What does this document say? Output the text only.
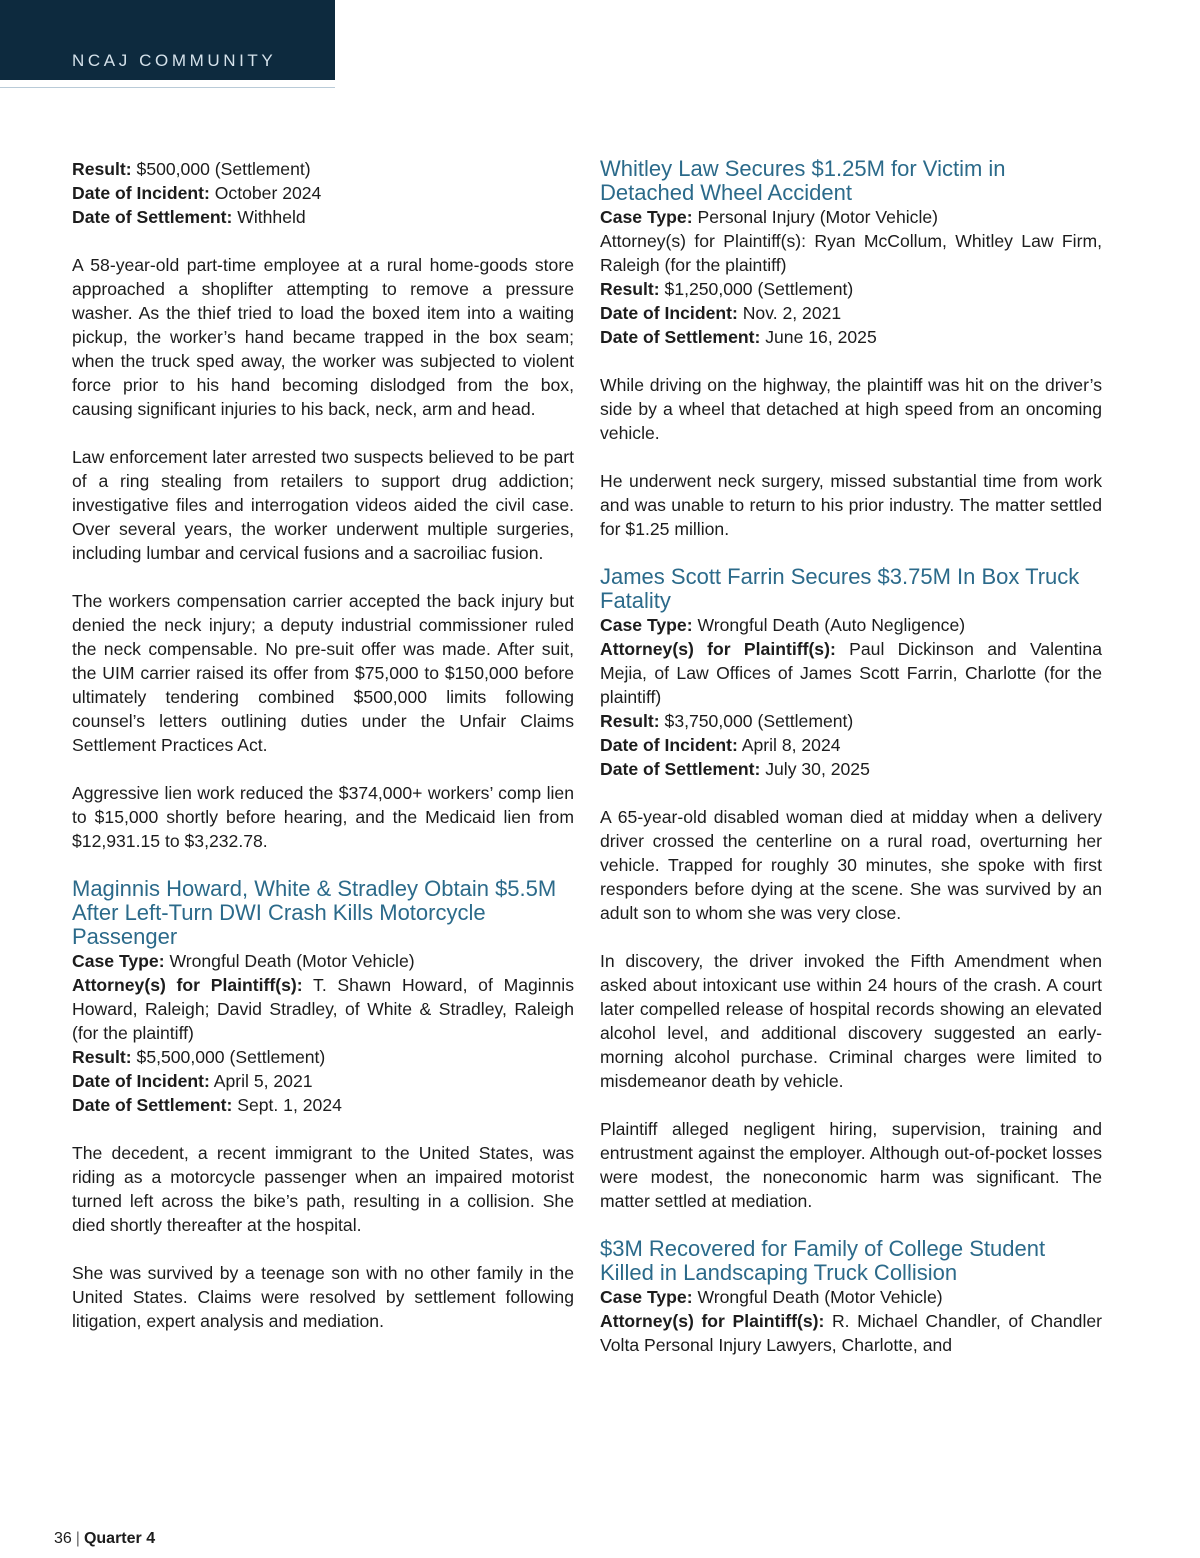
NCAJ COMMUNITY
Result: $500,000 (Settlement)
Date of Incident: October 2024
Date of Settlement: Withheld

A 58-year-old part-time employee at a rural home-goods store approached a shoplifter attempting to remove a pressure washer. As the thief tried to load the boxed item into a waiting pickup, the worker’s hand became trapped in the box seam; when the truck sped away, the worker was subjected to violent force prior to his hand becoming dislodged from the box, causing significant injuries to his back, neck, arm and head.

Law enforcement later arrested two suspects believed to be part of a ring stealing from retailers to support drug addiction; investigative files and interrogation videos aided the civil case. Over several years, the worker underwent multiple surgeries, including lumbar and cervical fusions and a sacroiliac fusion.

The workers compensation carrier accepted the back injury but denied the neck injury; a deputy industrial commissioner ruled the neck compensable. No pre-suit offer was made. After suit, the UIM carrier raised its offer from $75,000 to $150,000 before ultimately tendering combined $500,000 limits following counsel’s letters outlining duties under the Unfair Claims Settlement Practices Act.

Aggressive lien work reduced the $374,000+ workers’ comp lien to $15,000 shortly before hearing, and the Medicaid lien from $12,931.15 to $3,232.78.

Maginnis Howard, White & Stradley Obtain $5.5M After Left-Turn DWI Crash Kills Motorcycle Passenger
Case Type: Wrongful Death (Motor Vehicle)

Attorney(s) for Plaintiff(s): T. Shawn Howard, of Maginnis Howard, Raleigh; David Stradley, of White & Stradley, Raleigh (for the plaintiff)

Result: $5,500,000 (Settlement)
Date of Incident: April 5, 2021
Date of Settlement: Sept. 1, 2024

The decedent, a recent immigrant to the United States, was riding as a motorcycle passenger when an impaired motorist turned left across the bike’s path, resulting in a collision. She died shortly thereafter at the hospital.

She was survived by a teenage son with no other family in the United States. Claims were resolved by settlement following litigation, expert analysis and mediation.

Whitley Law Secures $1.25M for Victim in Detached Wheel Accident
Case Type: Personal Injury (Motor Vehicle)

Attorney(s) for Plaintiff(s): Ryan McCollum, Whitley Law Firm, Raleigh (for the plaintiff)

Result: $1,250,000 (Settlement)
Date of Incident: Nov. 2, 2021
Date of Settlement: June 16, 2025

While driving on the highway, the plaintiff was hit on the driver’s side by a wheel that detached at high speed from an oncoming vehicle.

He underwent neck surgery, missed substantial time from work and was unable to return to his prior industry. The matter settled for $1.25 million.

James Scott Farrin Secures $3.75M In Box Truck Fatality
Case Type: Wrongful Death (Auto Negligence)

Attorney(s) for Plaintiff(s): Paul Dickinson and Valentina Mejia, of Law Offices of James Scott Farrin, Charlotte (for the plaintiff)

Result: $3,750,000 (Settlement)
Date of Incident: April 8, 2024
Date of Settlement: July 30, 2025

A 65-year-old disabled woman died at midday when a delivery driver crossed the centerline on a rural road, overturning her vehicle. Trapped for roughly 30 minutes, she spoke with first responders before dying at the scene. She was survived by an adult son to whom she was very close.

In discovery, the driver invoked the Fifth Amendment when asked about intoxicant use within 24 hours of the crash. A court later compelled release of hospital records showing an elevated alcohol level, and additional discovery suggested an early-morning alcohol purchase. Criminal charges were limited to misdemeanor death by vehicle.

Plaintiff alleged negligent hiring, supervision, training and entrustment against the employer. Although out-of-pocket losses were modest, the noneconomic harm was significant. The matter settled at mediation.

$3M Recovered for Family of College Student Killed in Landscaping Truck Collision
Case Type: Wrongful Death (Motor Vehicle)

Attorney(s) for Plaintiff(s): R. Michael Chandler, of Chandler Volta Personal Injury Lawyers, Charlotte, and

36 | Quarter 4
